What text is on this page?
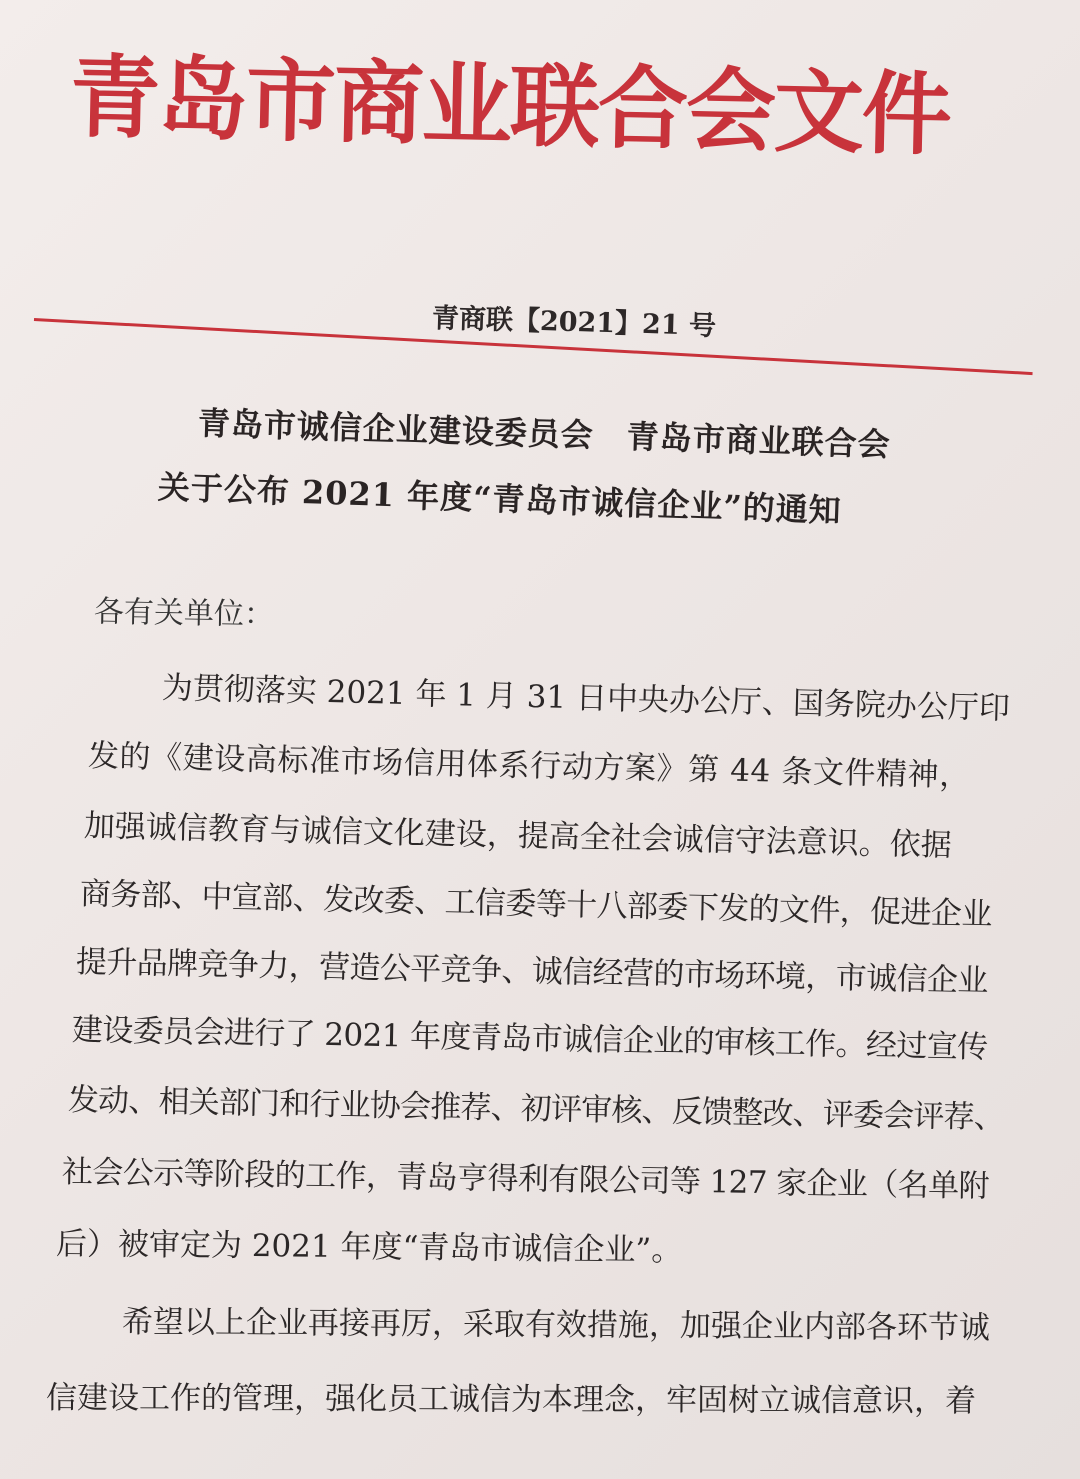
青岛市商业联合会文件
青商联【2021】21 号
青岛市诚信企业建设委员会　青岛市商业联合会
关于公布 2021 年度“青岛市诚信企业”的通知
各有关单位：
为贯彻落实 2021 年 1 月 31 日中央办公厅、国务院办公厅印
发的《建设高标准市场信用体系行动方案》第 44 条文件精神，
加强诚信教育与诚信文化建设，提高全社会诚信守法意识。依据
商务部、中宣部、发改委、工信委等十八部委下发的文件，促进企业
提升品牌竞争力，营造公平竞争、诚信经营的市场环境，市诚信企业
建设委员会进行了 2021 年度青岛市诚信企业的审核工作。经过宣传
发动、相关部门和行业协会推荐、初评审核、反馈整改、评委会评荐、
社会公示等阶段的工作，青岛亨得利有限公司等 127 家企业（名单附
后）被审定为 2021 年度“青岛市诚信企业”。
希望以上企业再接再厉，采取有效措施，加强企业内部各环节诚
信建设工作的管理，强化员工诚信为本理念，牢固树立诚信意识，着
